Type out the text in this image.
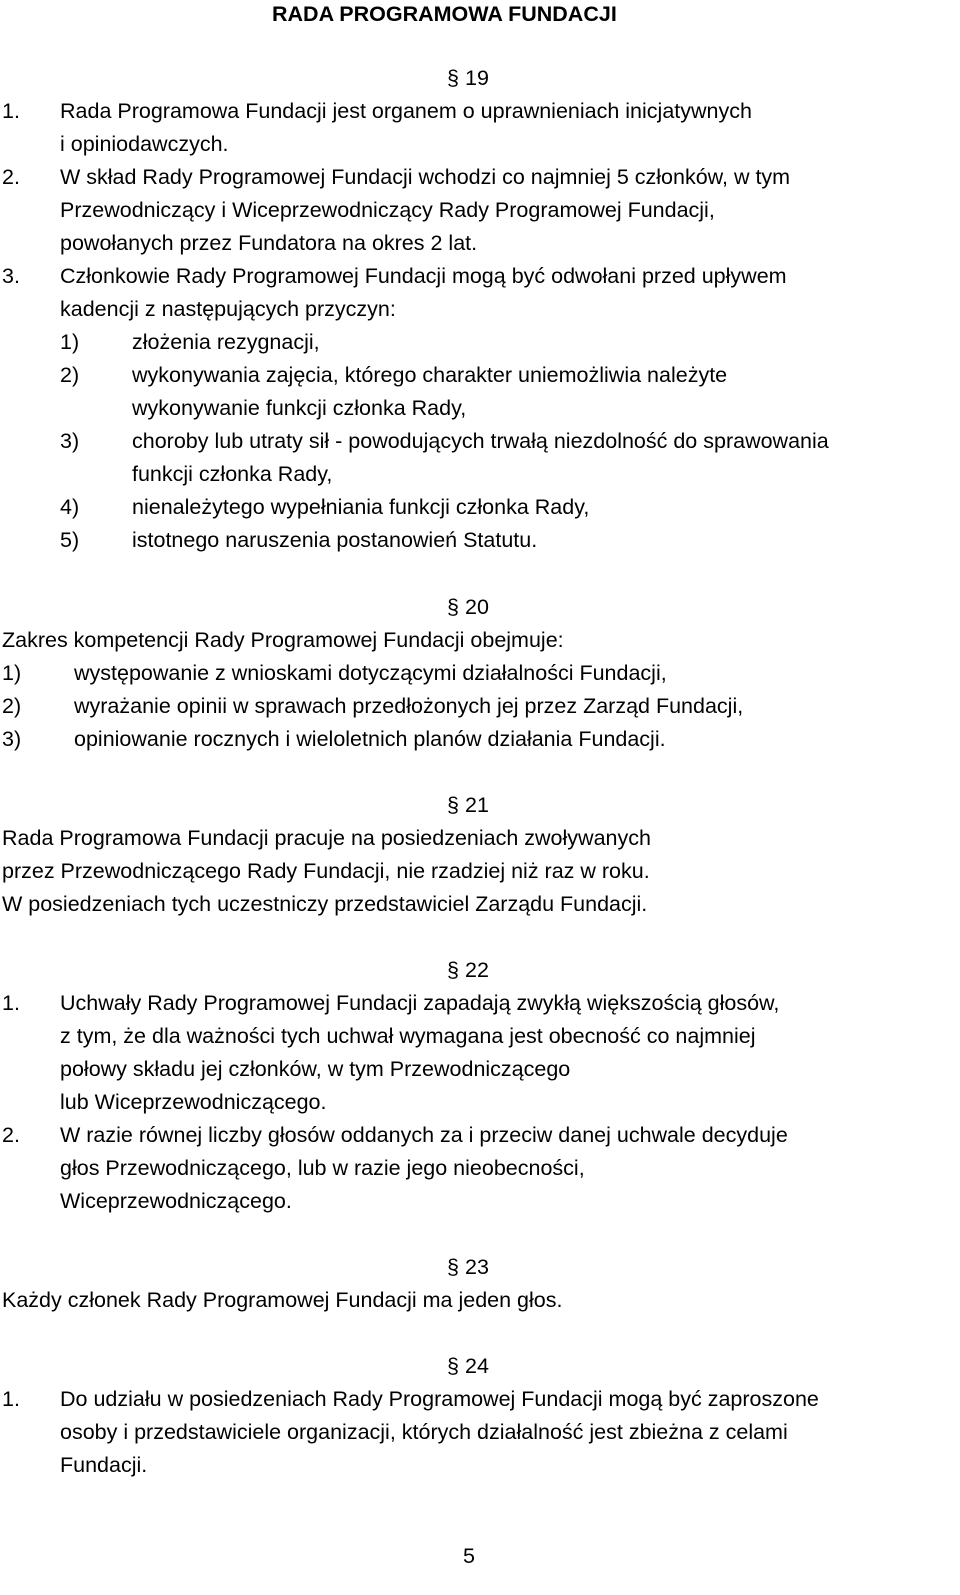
RADA PROGRAMOWA FUNDACJI
§ 19
1. Rada Programowa Fundacji jest organem o uprawnieniach inicjatywnych
i opiniodawczych.
2. W skład Rady Programowej Fundacji wchodzi co najmniej 5 członków, w tym
Przewodniczący i Wiceprzewodniczący Rady Programowej Fundacji,
powołanych przez Fundatora na okres 2 lat.
3. Członkowie Rady Programowej Fundacji mogą być odwołani przed upływem
kadencji z następujących przyczyn:
1) złożenia rezygnacji,
2) wykonywania zajęcia, którego charakter uniemożliwia należyte
wykonywanie funkcji członka Rady,
3) choroby lub utraty sił - powodujących trwałą niezdolność do sprawowania
funkcji członka Rady,
4) nienależytego wypełniania funkcji członka Rady,
5) istotnego naruszenia postanowień Statutu.
§ 20
Zakres kompetencji Rady Programowej Fundacji obejmuje:
1) występowanie z wnioskami dotyczącymi działalności Fundacji,
2) wyrażanie opinii w sprawach przedłożonych jej przez Zarząd Fundacji,
3) opiniowanie rocznych i wieloletnich planów działania Fundacji.
§ 21
Rada Programowa Fundacji pracuje na posiedzeniach zwoływanych
przez Przewodniczącego Rady Fundacji, nie rzadziej niż raz w roku.
W posiedzeniach tych uczestniczy przedstawiciel Zarządu Fundacji.
§ 22
1. Uchwały Rady Programowej Fundacji zapadają zwykłą większością głosów,
z tym, że dla ważności tych uchwał wymagana jest obecność co najmniej
połowy składu jej członków, w tym Przewodniczącego
lub Wiceprzewodniczącego.
2. W razie równej liczby głosów oddanych za i przeciw danej uchwale decyduje
głos Przewodniczącego, lub w razie jego nieobecności,
Wiceprzewodniczącego.
§ 23
Każdy członek Rady Programowej Fundacji ma jeden głos.
§ 24
1. Do udziału w posiedzeniach Rady Programowej Fundacji mogą być zaproszone
osoby i przedstawiciele organizacji, których działalność jest zbieżna z celami
Fundacji.
5
